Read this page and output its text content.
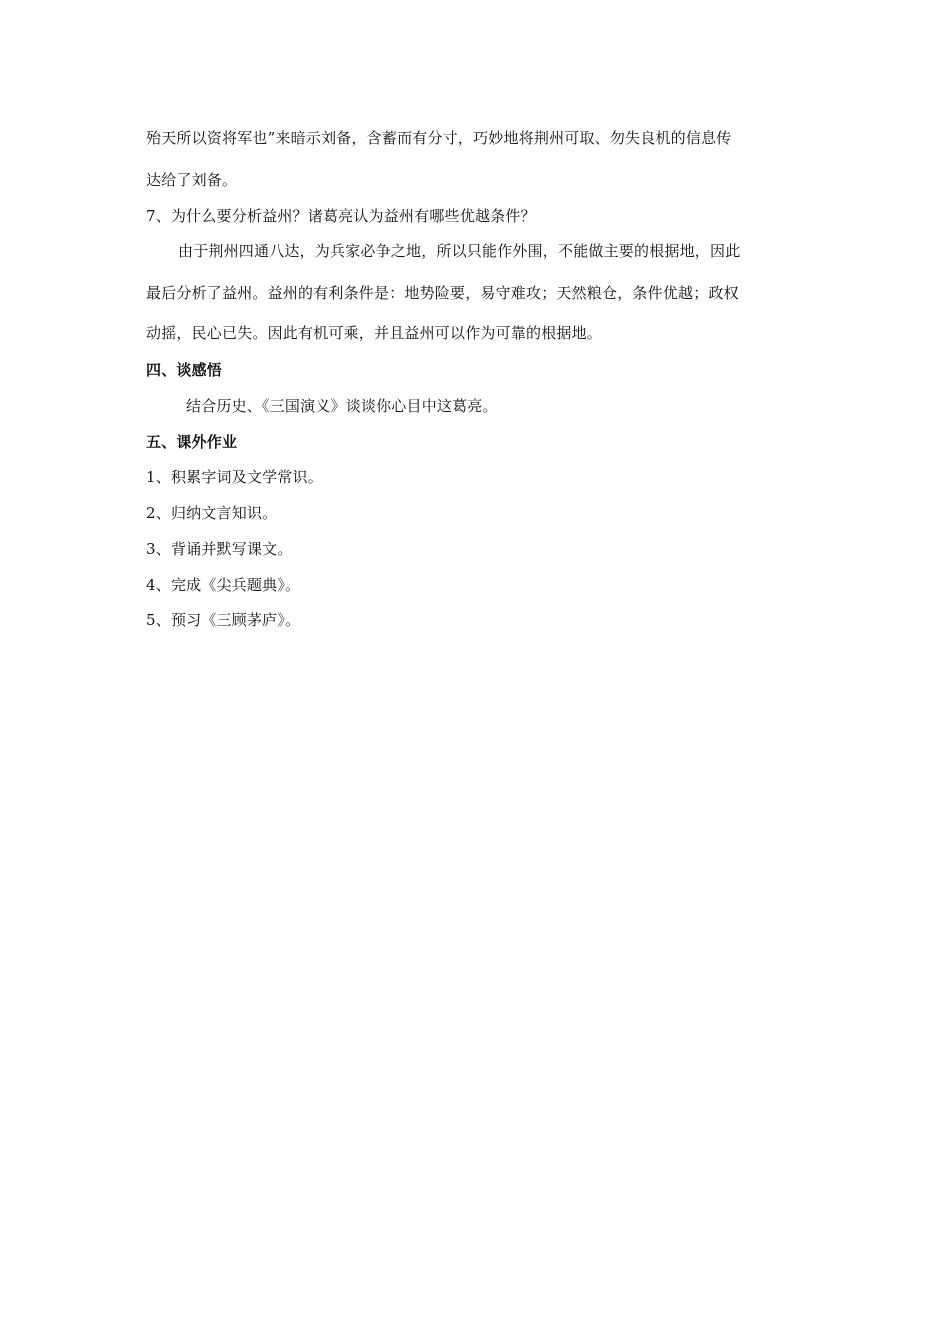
殆天所以资将军也”来暗示刘备，含蓄而有分寸，巧妙地将荆州可取、勿失良机的信息传
达给了刘备。
7、为什么要分析益州？诸葛亮认为益州有哪些优越条件？
由于荆州四通八达，为兵家必争之地，所以只能作外围，不能做主要的根据地，因此
最后分析了益州。益州的有利条件是：地势险要，易守难攻；天然粮仓，条件优越；政权
动摇，民心已失。因此有机可乘，并且益州可以作为可靠的根据地。
四、谈感悟
结合历史、《三国演义》谈谈你心目中这葛亮。
五、课外作业
1、积累字词及文学常识。
2、归纳文言知识。
3、背诵并默写课文。
4、完成《尖兵题典》。
5、预习《三顾茅庐》。
